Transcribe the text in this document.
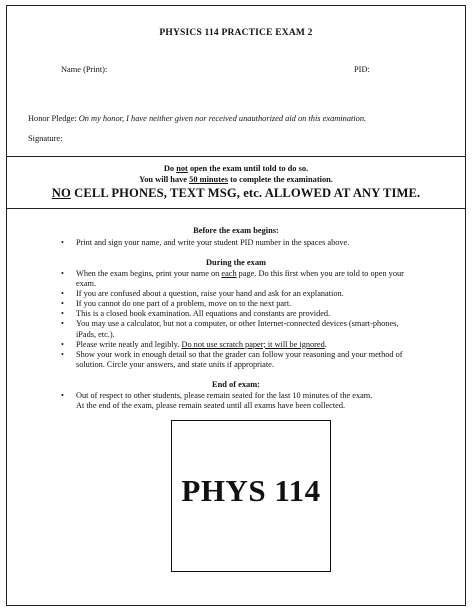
PHYSICS 114 PRACTICE EXAM 2
Name (Print):	PID:
Honor Pledge: On my honor, I have neither given nor received unauthorized aid on this examination.
Signature:
Do not open the exam until told to do so.
You will have 50 minutes to complete the examination.
NO CELL PHONES, TEXT MSG, etc. ALLOWED AT ANY TIME.
Before the exam begins:
• Print and sign your name, and write your student PID number in the spaces above.
During the exam
• When the exam begins, print your name on each page. Do this first when you are told to open your
exam.
• If you are confused about a question, raise your hand and ask for an explanation.
• If you cannot do one part of a problem, move on to the next part.
• This is a closed book examination. All equations and constants are provided.
• You may use a calculator, but not a computer, or other Internet-connected devices (smart-phones,
iPads, etc.).
• Please write neatly and legibly. Do not use scratch paper; it will be ignored.
• Show your work in enough detail so that the grader can follow your reasoning and your method of
solution. Circle your answers, and state units if appropriate.
End of exam:
• Out of respect to other students, please remain seated for the last 10 minutes of the exam.
At the end of the exam, please remain seated until all exams have been collected.
PHYS 114
